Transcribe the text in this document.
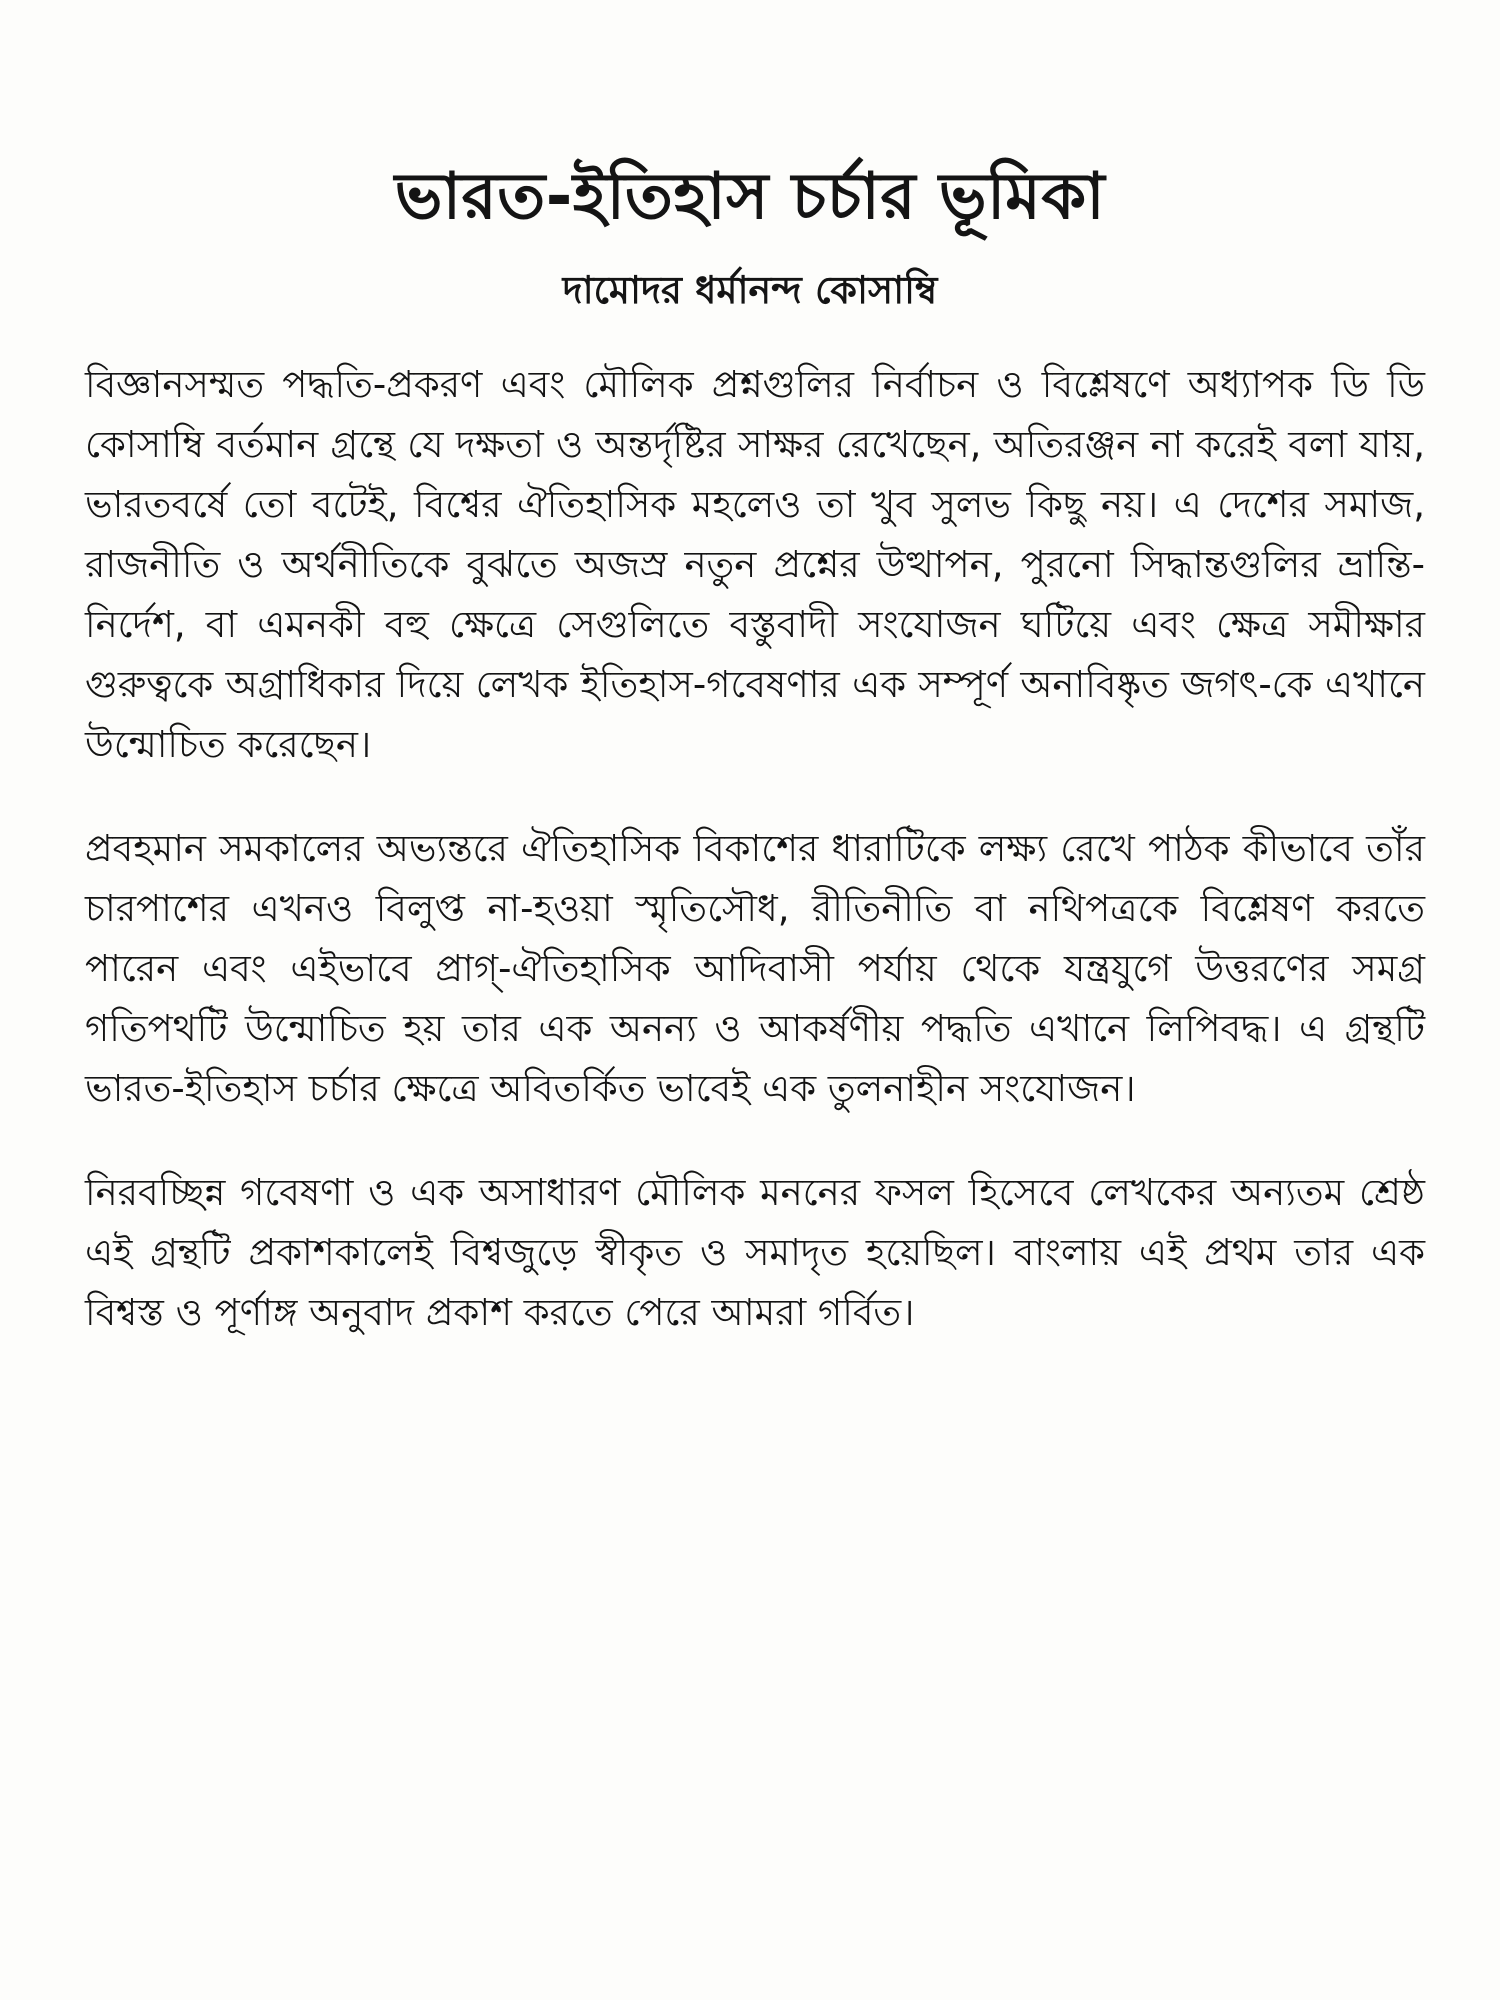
ভারত-ইতিহাস চর্চার ভূমিকা
দামোদর ধর্মানন্দ কোসাম্বি

বিজ্ঞানসম্মত পদ্ধতি-প্রকরণ এবং মৌলিক প্রশ্নগুলির নির্বাচন ও বিশ্লেষণে অধ্যাপক ডি ডি কোসাম্বি বর্তমান গ্রন্থে যে দক্ষতা ও অন্তর্দৃষ্টির সাক্ষর রেখেছেন, অতিরঞ্জন না করেই বলা যায়, ভারতবর্ষে তো বটেই, বিশ্বের ঐতিহাসিক মহলেও তা খুব সুলভ কিছু নয়। এ দেশের সমাজ, রাজনীতি ও অর্থনীতিকে বুঝতে অজস্র নতুন প্রশ্নের উত্থাপন, পুরনো সিদ্ধান্তগুলির ভ্রান্তি-নির্দেশ, বা এমনকী বহু ক্ষেত্রে সেগুলিতে বস্তুবাদী সংযোজন ঘটিয়ে এবং ক্ষেত্র সমীক্ষার গুরুত্বকে অগ্রাধিকার দিয়ে লেখক ইতিহাস-গবেষণার এক সম্পূর্ণ অনাবিষ্কৃত জগৎ-কে এখানে উন্মোচিত করেছেন।

প্রবহমান সমকালের অভ্যন্তরে ঐতিহাসিক বিকাশের ধারাটিকে লক্ষ্য রেখে পাঠক কীভাবে তাঁর চারপাশের এখনও বিলুপ্ত না-হওয়া স্মৃতিসৌধ, রীতিনীতি বা নথিপত্রকে বিশ্লেষণ করতে পারেন এবং এইভাবে প্রাগ্-ঐতিহাসিক আদিবাসী পর্যায় থেকে যন্ত্রযুগে উত্তরণের সমগ্র গতিপথটি উন্মোচিত হয় তার এক অনন্য ও আকর্ষণীয় পদ্ধতি এখানে লিপিবদ্ধ। এ গ্রন্থটি ভারত-ইতিহাস চর্চার ক্ষেত্রে অবিতর্কিত ভাবেই এক তুলনাহীন সংযোজন।

নিরবচ্ছিন্ন গবেষণা ও এক অসাধারণ মৌলিক মননের ফসল হিসেবে লেখকের অন্যতম শ্রেষ্ঠ এই গ্রন্থটি প্রকাশকালেই বিশ্বজুড়ে স্বীকৃত ও সমাদৃত হয়েছিল। বাংলায় এই প্রথম তার এক বিশ্বস্ত ও পূর্ণাঙ্গ অনুবাদ প্রকাশ করতে পেরে আমরা গর্বিত।
